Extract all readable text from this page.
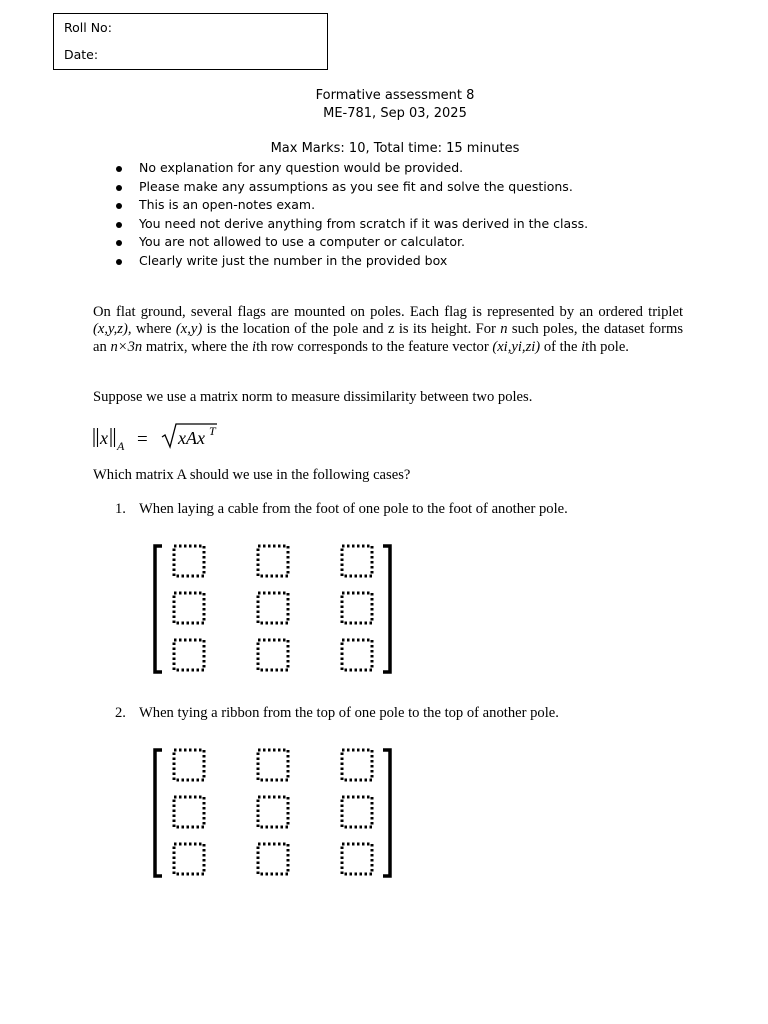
Roll No:
Date:
Formative assessment 8
ME-781, Sep 03, 2025
Max Marks: 10, Total time: 15 minutes
No explanation for any question would be provided.
Please make any assumptions as you see fit and solve the questions.
This is an open-notes exam.
You need not derive anything from scratch if it was derived in the class.
You are not allowed to use a computer or calculator.
Clearly write just the number in the provided box
On flat ground, several flags are mounted on poles. Each flag is represented by an ordered triplet (x,y,z), where (x,y) is the location of the pole and z is its height. For n such poles, the dataset forms an n×3n matrix, where the ith row corresponds to the feature vector (xi,yi,zi) of the ith pole.
Suppose we use a matrix norm to measure dissimilarity between two poles.
x A = xAx T
Which matrix A should we use in the following cases?
1. When laying a cable from the foot of one pole to the foot of another pole.
2. When tying a ribbon from the top of one pole to the top of another pole.
